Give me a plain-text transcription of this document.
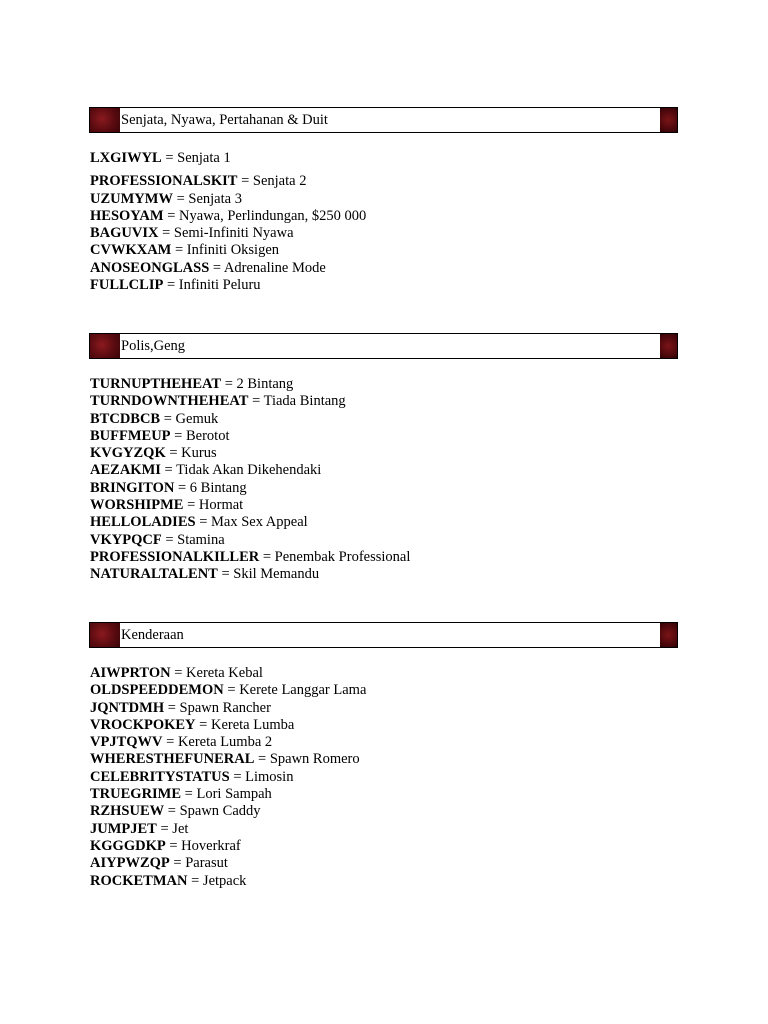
Senjata, Nyawa, Pertahanan & Duit
LXGIWYL = Senjata 1
PROFESSIONALSKIT = Senjata 2
UZUMYMW = Senjata 3
HESOYAM = Nyawa, Perlindungan, $250 000
BAGUVIX = Semi-Infiniti Nyawa
CVWKXAM = Infiniti Oksigen
ANOSEONGLASS = Adrenaline Mode
FULLCLIP = Infiniti Peluru
Polis,Geng
TURNUPTHEHEAT = 2 Bintang
TURNDOWNTHEHEAT = Tiada Bintang
BTCDBCB = Gemuk
BUFFMEUP = Berotot
KVGYZQK = Kurus
AEZAKMI = Tidak Akan Dikehendaki
BRINGITON = 6 Bintang
WORSHIPME = Hormat
HELLOLADIES = Max Sex Appeal
VKYPQCF = Stamina
PROFESSIONALKILLER = Penembak Professional
NATURALTALENT = Skil Memandu
Kenderaan
AIWPRTON = Kereta Kebal
OLDSPEEDDEMON = Kerete Langgar Lama
JQNTDMH = Spawn Rancher
VROCKPOKEY = Kereta Lumba
VPJTQWV = Kereta Lumba 2
WHERESTHEFUNERAL = Spawn Romero
CELEBRITYSTATUS = Limosin
TRUEGRIME = Lori Sampah
RZHSUEW = Spawn Caddy
JUMPJET = Jet
KGGGDKP = Hoverkraf
AIYPWZQP = Parasut
ROCKETMAN = Jetpack
